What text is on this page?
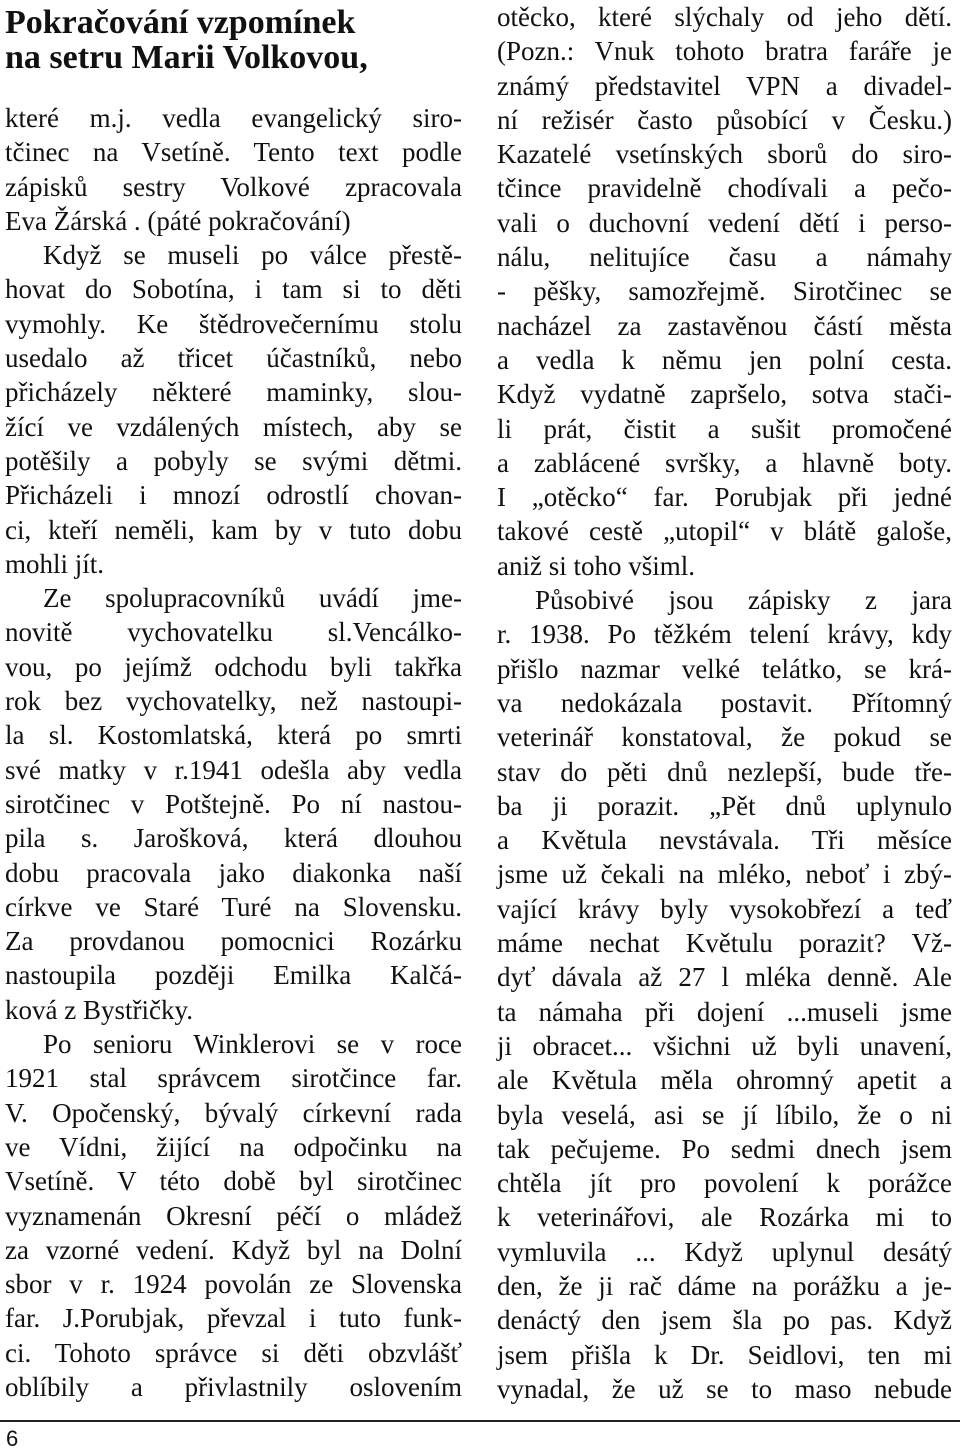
Pokračování vzpomínek
na setru Marii Volkovou,
které m.j. vedla evangelický siro-
tčinec na Vsetíně. Tento text podle
zápisků sestry Volkové zpracovala
Eva Žárská . (páté pokračování)
Když se museli po válce přestě-
hovat do Sobotína, i tam si to děti
vymohly. Ke štědrovečernímu stolu
usedalo až třicet účastníků, nebo
přicházely některé maminky, slou-
žící ve vzdálených místech, aby se
potěšily a pobyly se svými dětmi.
Přicházeli i mnozí odrostlí chovan-
ci, kteří neměli, kam by v tuto dobu
mohli jít.
Ze spolupracovníků uvádí jme-
novitě vychovatelku sl.Vencálko-
vou, po jejímž odchodu byli takřka
rok bez vychovatelky, než nastoupi-
la sl. Kostomlatská, která po smrti
své matky v r.1941 odešla aby vedla
sirotčinec v Potštejně. Po ní nastou-
pila s. Jarošková, která dlouhou
dobu pracovala jako diakonka naší
církve ve Staré Turé na Slovensku.
Za provdanou pomocnici Rozárku
nastoupila později Emilka Kalčá-
ková z Bystřičky.
Po senioru Winklerovi se v roce
1921 stal správcem sirotčince far.
V. Opočenský, bývalý církevní rada
ve Vídni, žijící na odpočinku na
Vsetíně. V této době byl sirotčinec
vyznamenán Okresní péčí o mládež
za vzorné vedení. Když byl na Dolní
sbor v r. 1924 povolán ze Slovenska
far. J.Porubjak, převzal i tuto funk-
ci. Tohoto správce si děti obzvlášť
oblíbily a přivlastnily oslovením
otěcko, které slýchaly od jeho dětí.
(Pozn.: Vnuk tohoto bratra faráře je
známý představitel VPN a divadel-
ní režisér často působící v Česku.)
Kazatelé vsetínských sborů do siro-
tčince pravidelně chodívali a pečo-
vali o duchovní vedení dětí i perso-
nálu, nelitujíce času a námahy
- pěšky, samozřejmě. Sirotčinec se
nacházel za zastavěnou částí města
a vedla k němu jen polní cesta.
Když vydatně zapršelo, sotva stači-
li prát, čistit a sušit promočené
a zablácené svršky, a hlavně boty.
I „otěcko“ far. Porubjak při jedné
takové cestě „utopil“ v blátě galoše,
aniž si toho všiml.
Působivé jsou zápisky z jara
r. 1938. Po těžkém telení krávy, kdy
přišlo nazmar velké telátko, se krá-
va nedokázala postavit. Přítomný
veterinář konstatoval, že pokud se
stav do pěti dnů nezlepší, bude tře-
ba ji porazit. „Pět dnů uplynulo
a Květula nevstávala. Tři měsíce
jsme už čekali na mléko, neboť i zbý-
vající krávy byly vysokobřezí a teď
máme nechat Květulu porazit? Vž-
dyť dávala až 27 l mléka denně. Ale
ta námaha při dojení ...museli jsme
ji obracet... všichni už byli unavení,
ale Květula měla ohromný apetit a
byla veselá, asi se jí líbilo, že o ni
tak pečujeme. Po sedmi dnech jsem
chtěla jít pro povolení k porážce
k veterinářovi, ale Rozárka mi to
vymluvila ... Když uplynul desátý
den, že ji rač dáme na porážku a je-
denáctý den jsem šla po pas. Když
jsem přišla k Dr. Seidlovi, ten mi
vynadal, že už se to maso nebude
6
